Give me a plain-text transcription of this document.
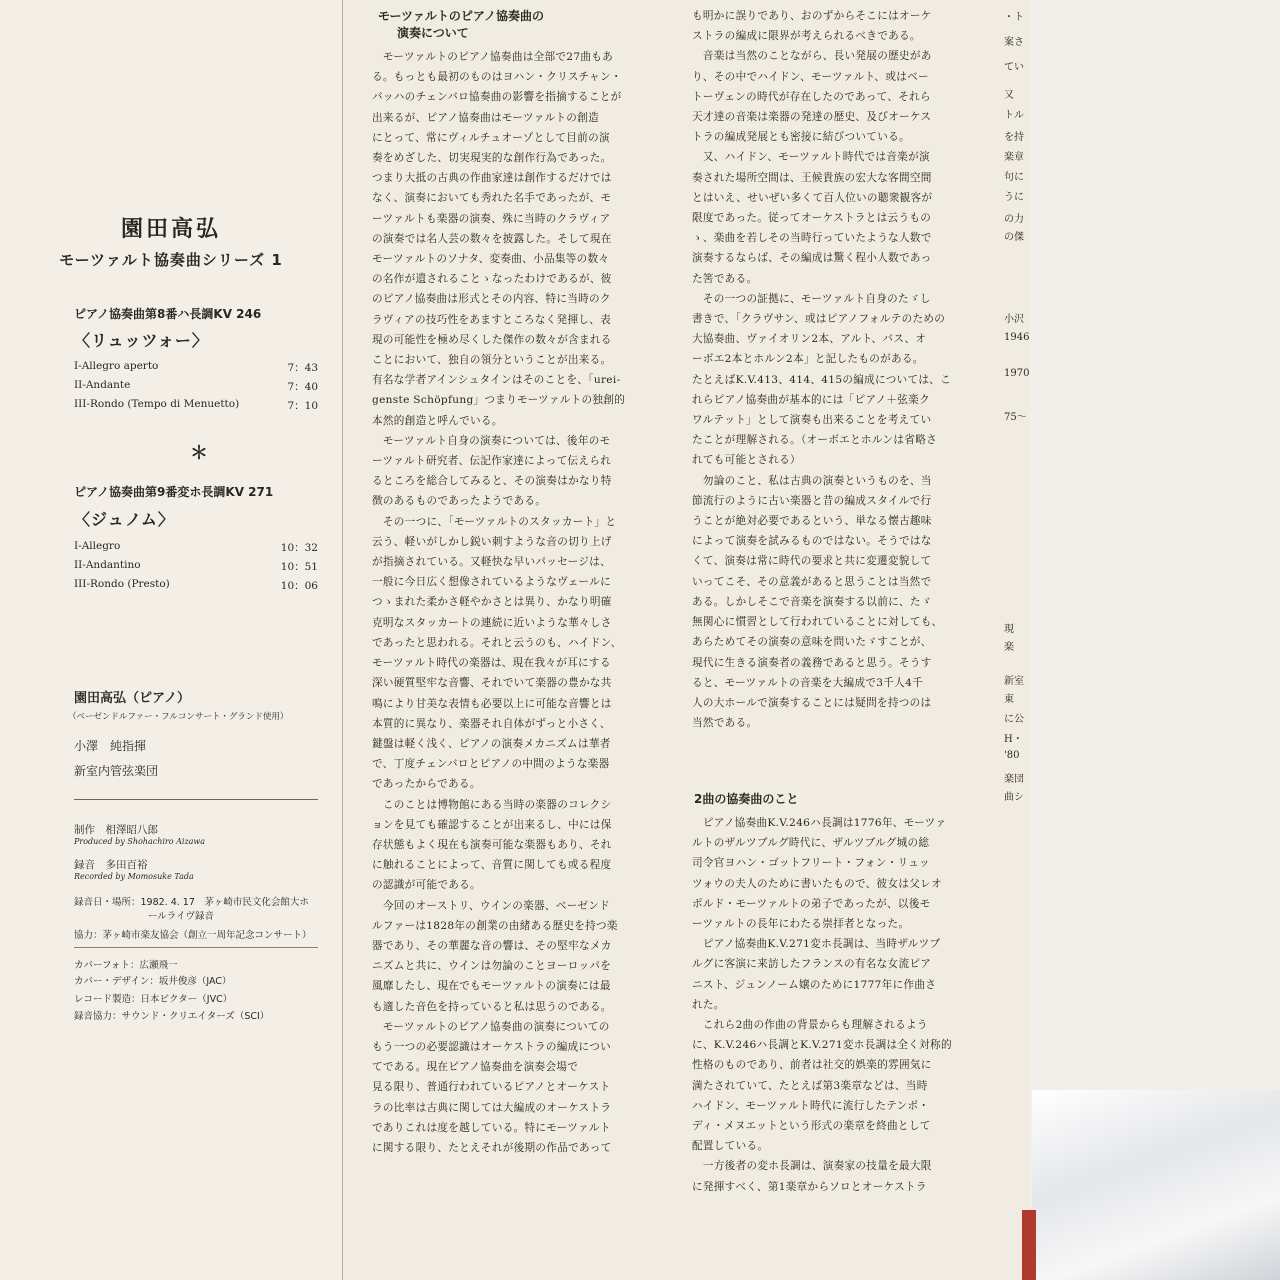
園田高弘
モーツァルト協奏曲シリーズ 1
ピアノ協奏曲第8番ハ長調KV 246
〈リュッツォー〉
I-Allegro aperto	7：43
II-Andante	7：40
III-Rondo (Tempo di Menuetto)	7：10
＊
ピアノ協奏曲第9番変ホ長調KV 271
〈ジュノム〉
I-Allegro	10：32
II-Andantino	10：51
III-Rondo (Presto)	10：06
園田高弘（ピアノ）
（ベーゼンドルファー・フルコンサート・グランド使用）
小澤　純指揮
新室内管弦楽団
制作　相澤昭八郎
Produced by Shohachiro Aizawa
録音　多田百裕
Recorded by Momosuke Tada
録音日・場所：1982. 4. 17　茅ヶ崎市民文化会館大ホ
ールライヴ録音
協力：茅ヶ崎市楽友協会（創立一周年記念コンサート）
カバーフォト：広瀬飛一
カバー・デザイン：坂井俊彦（JAC）
レコード製造：日本ビクター（JVC）
録音協力：サウンド・クリエイターズ（SCI）
モーツァルトのピアノ協奏曲の
演奏について

　モーツァルトのピアノ協奏曲は全部で27曲もあ

る。もっとも最初のものはヨハン・クリスチャン・

バッハのチェンバロ協奏曲の影響を指摘することが

出来るが、ピアノ協奏曲はモーツァルトの創造

にとって、常にヴィルチュオーゾとして目前の演

奏をめざした、切実現実的な創作行為であった。

つまり大抵の古典の作曲家達は創作するだけでは

なく、演奏においても秀れた名手であったが、モ

ーツァルトも楽器の演奏、殊に当時のクラヴィア

の演奏では名人芸の数々を披露した。そして現在

モーツァルトのソナタ、変奏曲、小品集等の数々

の名作が遺されることゝなったわけであるが、彼

のピアノ協奏曲は形式とその内容、特に当時のク

ラヴィアの技巧性をあますところなく発揮し、表

現の可能性を極め尽くした傑作の数々が含まれる

ことにおいて、独自の領分ということが出来る。

有名な学者アインシュタインはそのことを、「urei-

genste Schöpfung」つまりモーツァルトの独創的

本然的創造と呼んでいる。

　モーツァルト自身の演奏については、後年のモ

ーツァルト研究者、伝記作家達によって伝えられ

るところを総合してみると、その演奏はかなり特

徴のあるものであったようである。

　その一つに、「モーツァルトのスタッカート」と

云う、軽いがしかし鋭い刺すような音の切り上げ

が指摘されている。又軽快な早いパッセージは、

一般に今日広く想像されているようなヴェールに

つゝまれた柔かさ軽やかさとは異り、かなり明確

克明なスタッカートの連続に近いような華々しさ

であったと思われる。それと云うのも、ハイドン、

モーツァルト時代の楽器は、現在我々が耳にする

深い硬質堅牢な音響、それでいて楽器の豊かな共

鳴により甘美な表情も必要以上に可能な音響とは

本質的に異なり、楽器それ自体がずっと小さく、

鍵盤は軽く浅く、ピアノの演奏メカニズムは華者

で、丁度チェンバロとピアノの中間のような楽器

であったからである。

　このことは博物館にある当時の楽器のコレクシ

ョンを見ても確認することが出来るし、中には保

存状態もよく現在も演奏可能な楽器もあり、それ

に触れることによって、音質に関しても或る程度

の認識が可能である。

　今回のオーストリ、ウインの楽器、ベーゼンド

ルファーは1828年の創業の由緒ある歴史を持つ楽

器であり、その華麗な音の響は、その堅牢なメカ

ニズムと共に、ウインは勿論のことヨーロッパを

風靡したし、現在でもモーツァルトの演奏には最

も適した音色を持っていると私は思うのである。

　モーツァルトのピアノ協奏曲の演奏についての

もう一つの必要認識はオーケストラの編成につい

てである。現在ピアノ協奏曲を演奏会場で

見る限り、普通行われているピアノとオーケスト

ラの比率は古典に関しては大編成のオーケストラ

でありこれは度を越している。特にモーツァルト

に関する限り、たとえそれが後期の作品であって

も明かに誤りであり、おのずからそこにはオーケ

ストラの編成に限界が考えられるべきである。

　音楽は当然のことながら、長い発展の歴史があ

り、その中でハイドン、モーツァルト、或はベー

トーヴェンの時代が存在したのであって、それら

天才達の音楽は楽器の発達の歴史、及びオーケス

トラの編成発展とも密接に結びついている。

　又、ハイドン、モーツァルト時代では音楽が演

奏された場所空間は、王候貴族の宏大な客間空間

とはいえ、せいぜい多くて百人位いの聴衆観客が

限度であった。従ってオーケストラとは云うもの

ゝ、楽曲を若しその当時行っていたような人数で

演奏するならば、その編成は驚く程小人数であっ

た筈である。

　その一つの証拠に、モーツァルト自身のたゞし

書きで、「クラヴサン、或はピアノフォルテのための

大協奏曲、ヴァイオリン2本、アルト、バス、オ

ーボエ2本とホルン2本」と記したものがある。

たとえばK.V.413、414、415の編成については、こ

れらピアノ協奏曲が基本的には「ピアノ＋弦楽ク

ワルテット」として演奏も出来ることを考えてい

たことが理解される。（オーボエとホルンは省略さ

れても可能とされる）

　勿論のこと、私は古典の演奏というものを、当

節流行のように古い楽器と昔の編成スタイルで行

うことが絶対必要であるという、単なる懐古趣味

によって演奏を試みるものではない。そうではな

くて、演奏は常に時代の要求と共に変遷変貌して

いってこそ、その意義があると思うことは当然で

ある。しかしそこで音楽を演奏する以前に、たゞ

無関心に慣習として行われていることに対しても、

あらためてその演奏の意味を問いたゞすことが、

現代に生きる演奏者の義務であると思う。そうす

ると、モーツァルトの音楽を大編成で3千人4千

人の大ホールで演奏することには疑問を持つのは

当然である。

2曲の協奏曲のこと

　ピアノ協奏曲K.V.246ハ長調は1776年、モーツァ

ルトのザルツブルグ時代に、ザルツブルグ城の総

司令官ヨハン・ゴットフリート・フォン・リュッ

ツォウの夫人のために書いたもので、彼女は父レオ

ポルド・モーツァルトの弟子であったが、以後モ

ーツァルトの長年にわたる崇拝者となった。

　ピアノ協奏曲K.V.271変ホ長調は、当時ザルツブ

ルグに客演に来訪したフランスの有名な女流ピア

ニスト、ジュンノーム嬢のために1777年に作曲さ

れた。

　これら2曲の作曲の背景からも理解されるよう

に、K.V.246ハ長調とK.V.271変ホ長調は全く対称的

性格のものであり、前者は社交的娯楽的雰囲気に

満たされていて、たとえば第3楽章などは、当時

ハイドン、モーツァルト時代に流行したテンポ・

ディ・メヌエットという形式の楽章を終曲として

配置している。

　一方後者の変ホ長調は、演奏家の技量を最大限

に発揮すべく、第1楽章からソロとオーケストラ

・ト
案さ
てい
又
トル
を持
楽章
句に
うに
の力
の傑
小沢
1946
1970
75～
現
楽
新室
東
に公
H・
'80
楽団
曲シ
